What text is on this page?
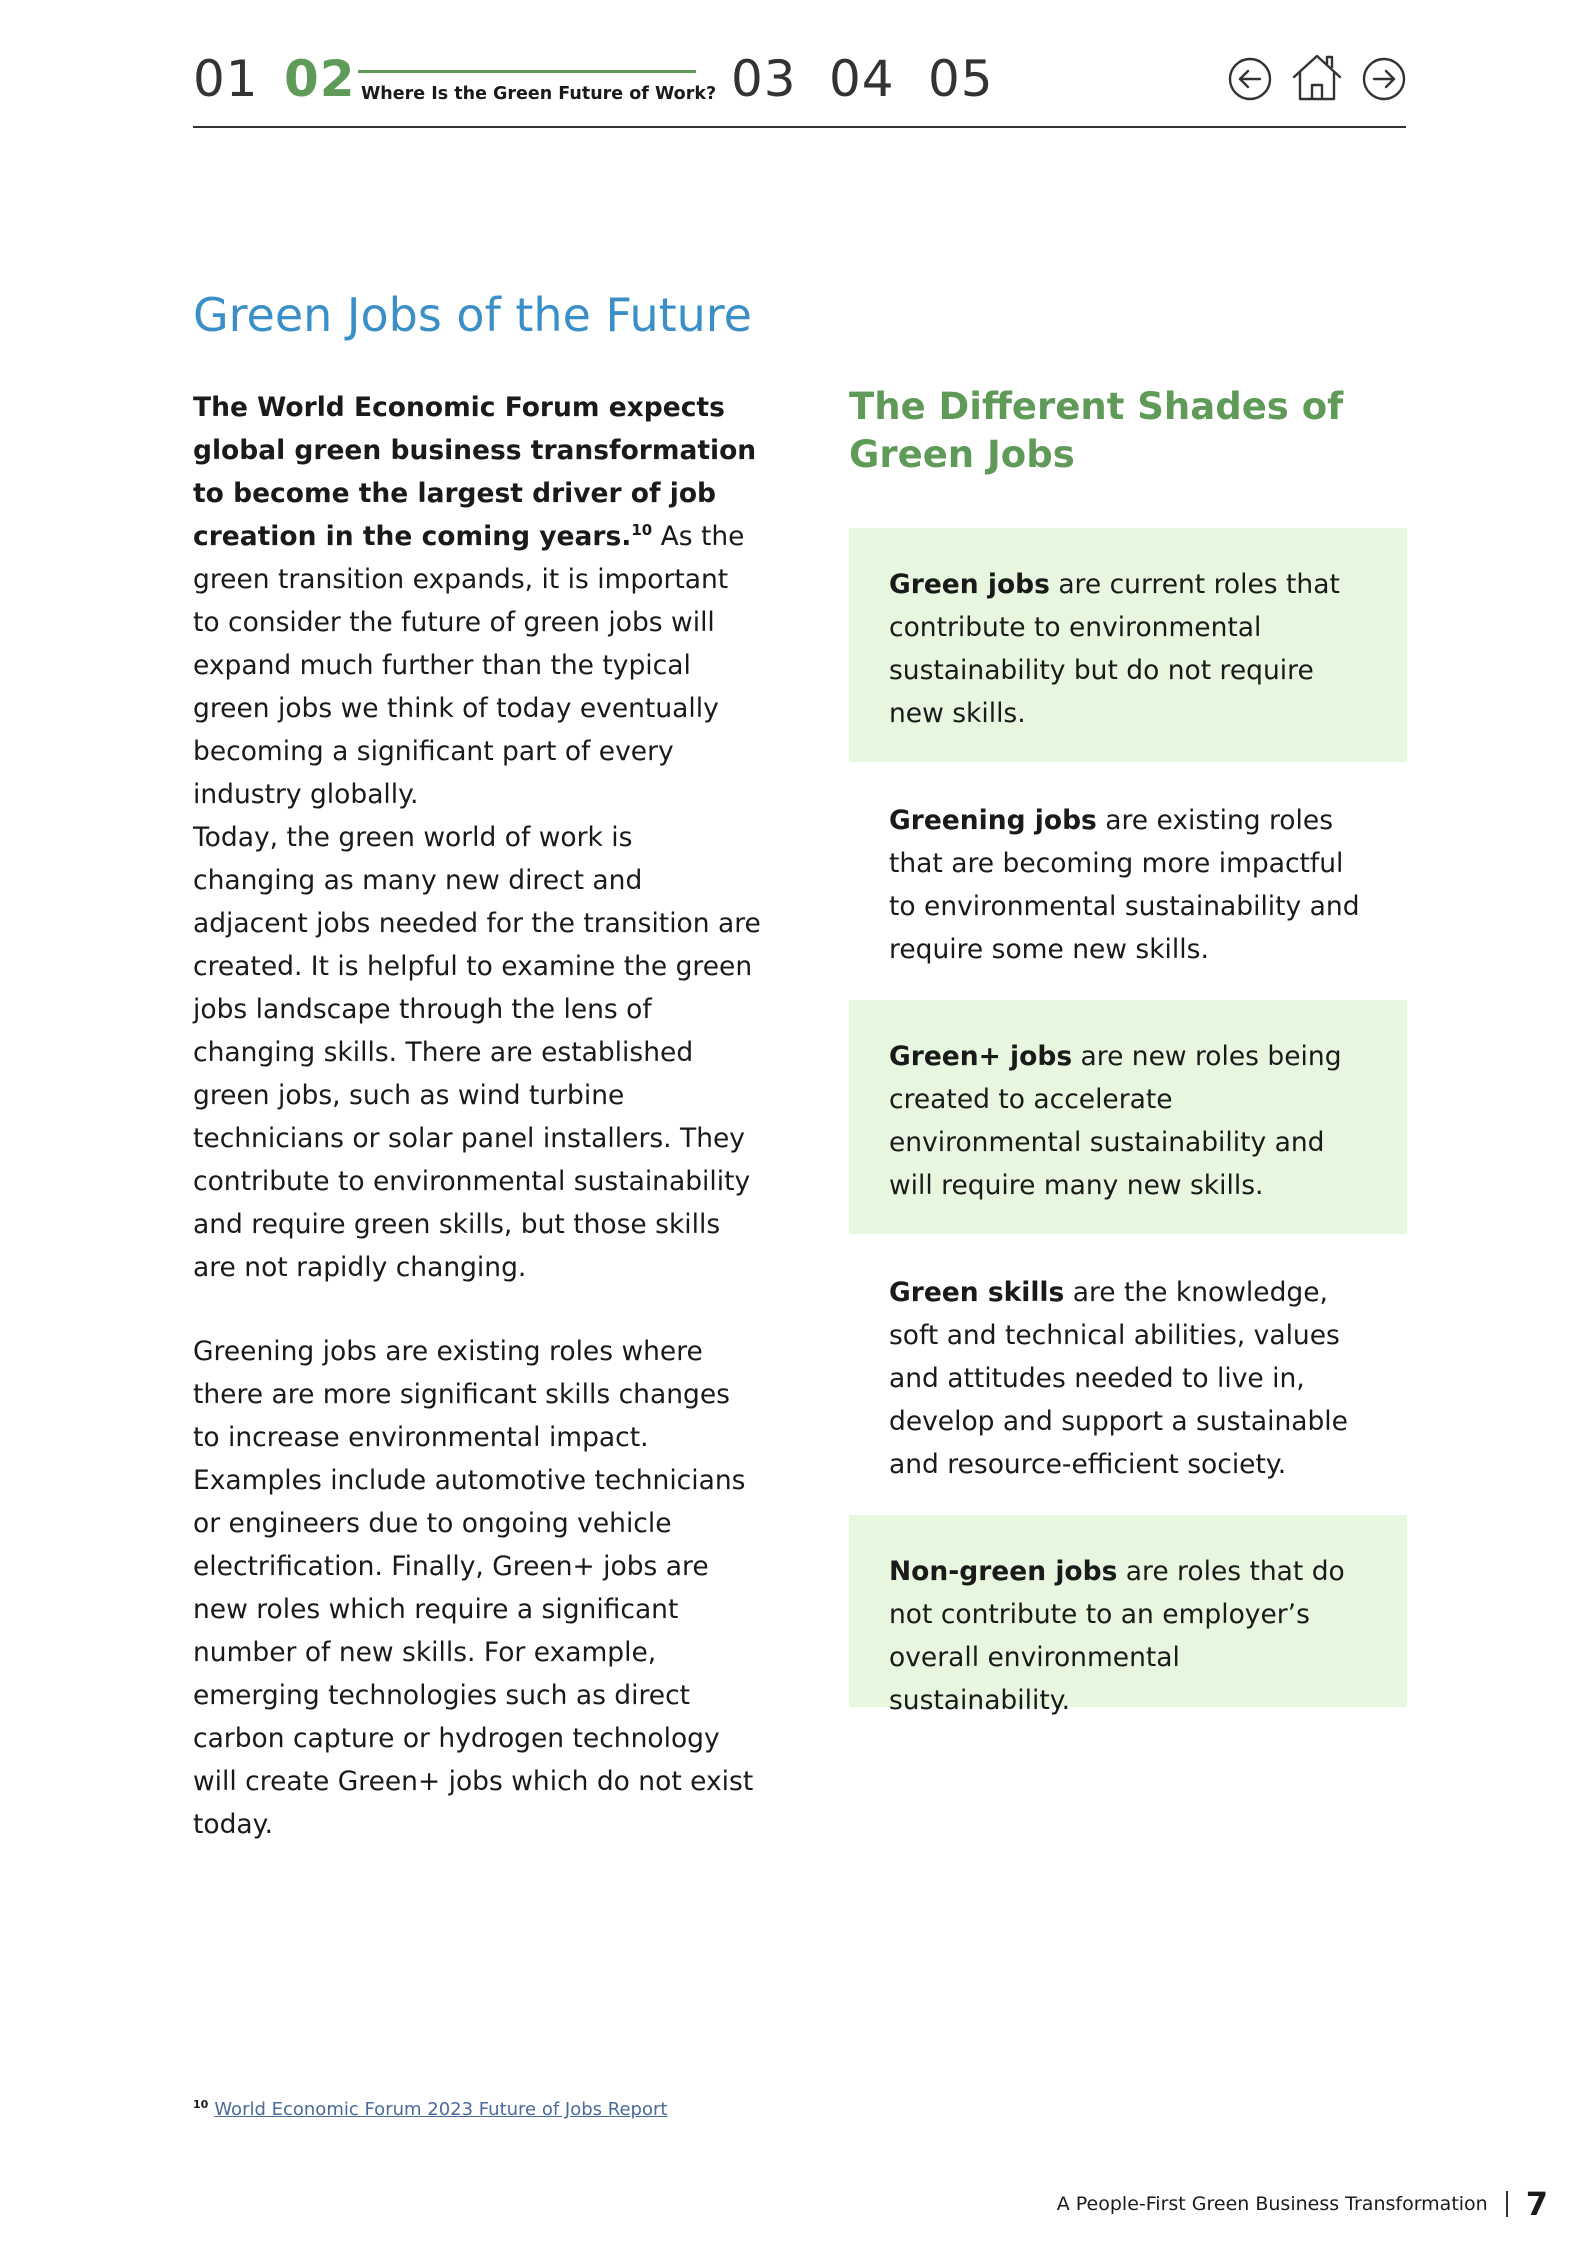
01 02 Where Is the Green Future of Work? 03 04 05
Green Jobs of the Future

The World Economic Forum expects global green business transformation to become the largest driver of job creation in the coming years.$^{10}$ As the green transition expands, it is important to consider the future of green jobs will expand much further than the typical green jobs we think of today eventually becoming a significant part of every industry globally.

Today, the green world of work is changing as many new direct and adjacent jobs needed for the transition are created. It is helpful to examine the green jobs landscape through the lens of changing skills. There are established green jobs, such as wind turbine technicians or solar panel installers. They contribute to environmental sustainability and require green skills, but those skills are not rapidly changing.

Greening jobs are existing roles where there are more significant skills changes to increase environmental impact. Examples include automotive technicians or engineers due to ongoing vehicle electrification. Finally, Green+ jobs are new roles which require a significant number of new skills. For example, emerging technologies such as direct carbon capture or hydrogen technology will create Green+ jobs which do not exist today.

The Different Shades of Green Jobs
Green jobs are current roles that contribute to environmental sustainability but do not require new skills.
Greening jobs are existing roles that are becoming more impactful to environmental sustainability and require some new skills.
Green+ jobs are new roles being created to accelerate environmental sustainability and will require many new skills.
Green skills are the knowledge, soft and technical abilities, values and attitudes needed to live in, develop and support a sustainable and resource-efficient society.
Non-green jobs are roles that do not contribute to an employer’s overall environmental sustainability.
$^{10}$ World Economic Forum 2023 Future of Jobs Report
A People-First Green Business Transformation 7
